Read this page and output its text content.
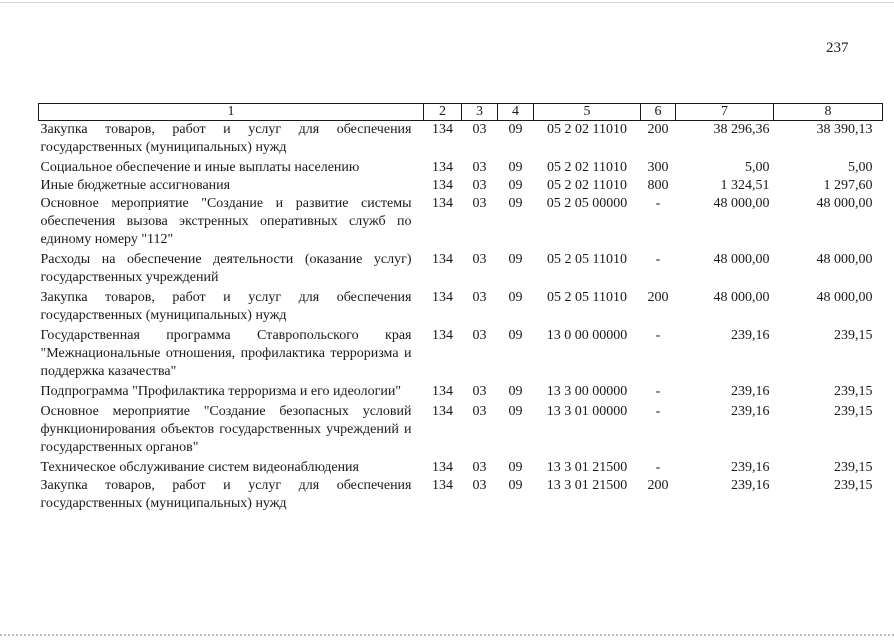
237
1	2	3	4	5	6	7	8
Закупка товаров, работ и услуг для обеспечения государственных (муниципальных) нужд	134	03	09	05 2 02 11010	200	38 296,36	38 390,13
Социальное обеспечение и иные выплаты населению	134	03	09	05 2 02 11010	300	5,00	5,00
Иные бюджетные ассигнования	134	03	09	05 2 02 11010	800	1 324,51	1 297,60
Основное мероприятие "Создание и развитие системы обеспечения вызова экстренных оперативных служб по единому номеру "112"	134	03	09	05 2 05 00000	-	48 000,00	48 000,00
Расходы на обеспечение деятельности (оказание услуг) государственных учреждений	134	03	09	05 2 05 11010	-	48 000,00	48 000,00
Закупка товаров, работ и услуг для обеспечения государственных (муниципальных) нужд	134	03	09	05 2 05 11010	200	48 000,00	48 000,00
Государственная программа Ставропольского края "Межнациональные отношения, профилактика терроризма и поддержка казачества"	134	03	09	13 0 00 00000	-	239,16	239,15
Подпрограмма "Профилактика терроризма и его идеологии"	134	03	09	13 3 00 00000	-	239,16	239,15
Основное мероприятие "Создание безопасных условий функционирования объектов государственных учреждений и государственных органов"	134	03	09	13 3 01 00000	-	239,16	239,15
Техническое обслуживание систем видеонаблюдения	134	03	09	13 3 01 21500	-	239,16	239,15
Закупка товаров, работ и услуг для обеспечения государственных (муниципальных) нужд	134	03	09	13 3 01 21500	200	239,16	239,15
